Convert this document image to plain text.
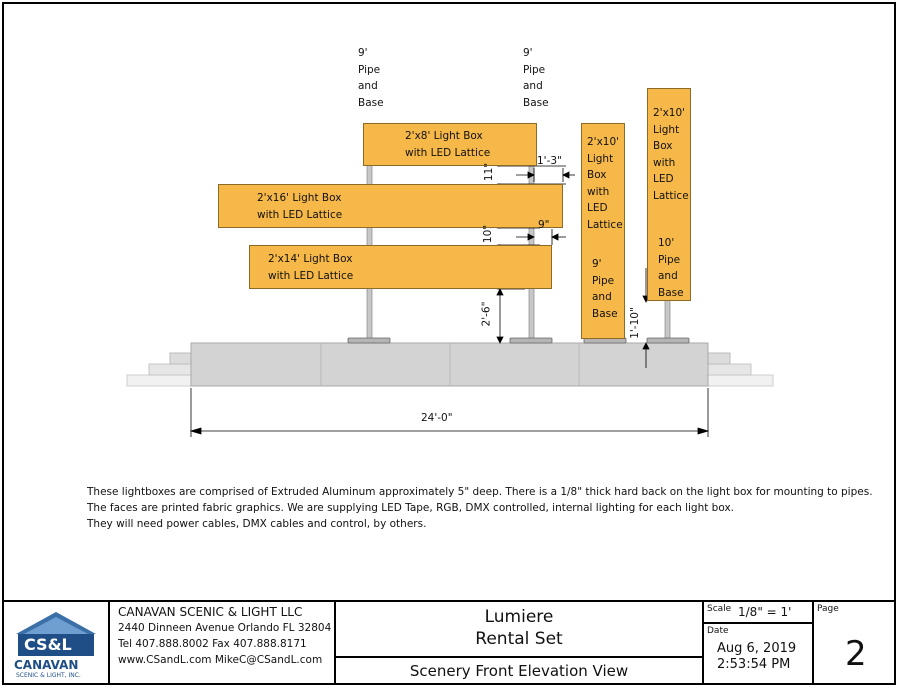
9'
Pipe
and
Base
9'
Pipe
and
Base
2'x8' Light Box
with LED Lattice
2'x16' Light Box
with LED Lattice
2'x14' Light Box
with LED Lattice
2'x10'
Light
Box
with
LED
Lattice
9'
Pipe
and
Base
2'x10'
Light
Box
with
LED
Lattice
10'
Pipe
and
Base
11"
1'-3"
10"	9"
2'-6"	1'-10"
24'-0"
These lightboxes are comprised of Extruded Aluminum approximately 5" deep. There is a 1/8" thick hard back on the light box for mounting to pipes.
The faces are printed fabric graphics. We are supplying LED Tape, RGB, DMX controlled, internal lighting for each light box.
They will need power cables, DMX cables and control, by others.
CS&L
CANAVAN
SCENIC & LIGHT, INC.
CANAVAN SCENIC & LIGHT LLC
2440 Dinneen Avenue Orlando FL 32804
Tel 407.888.8002 Fax 407.888.8171
www.CSandL.com MikeC@CSandL.com
Lumiere
Rental Set
Scenery Front Elevation View
Scale 1/8" = 1'
Date
Aug 6, 2019
2:53:54 PM
Page
2
